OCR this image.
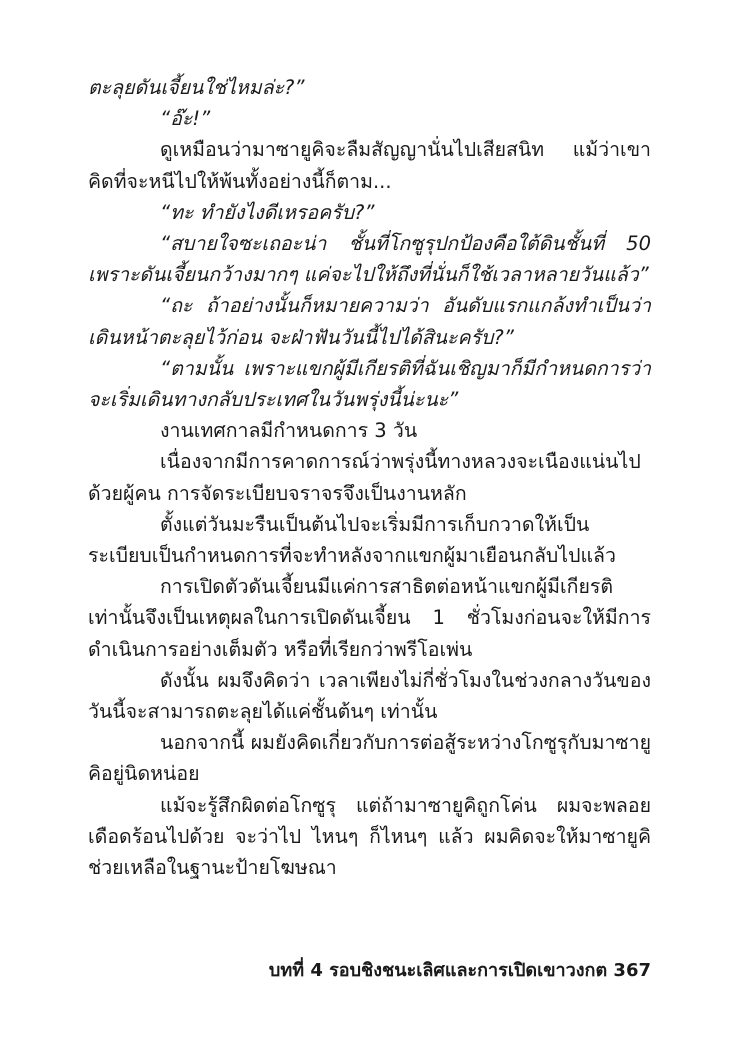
ตะลุยดันเจี้ยนใช่ไหมล่ะ?”

“อ๊ะ!”

ดูเหมือนว่ามาซายูคิจะลืมสัญญานั่นไปเสียสนิท แม้ว่าเขาคิดที่จะหนีไปให้พ้นทั้งอย่างนี้ก็ตาม...

“ทะ ทำยังไงดีเหรอครับ?”

“สบายใจซะเถอะน่า ชั้นที่โกซูรุปกป้องคือใต้ดินชั้นที่ 50 เพราะดันเจี้ยนกว้างมากๆ แค่จะไปให้ถึงที่นั่นก็ใช้เวลาหลายวันแล้ว”

“ถะ ถ้าอย่างนั้นก็หมายความว่า อันดับแรกแกล้งทำเป็นว่าเดินหน้าตะลุยไว้ก่อน จะฝ่าฟันวันนี้ไปได้สินะครับ?”

“ตามนั้น เพราะแขกผู้มีเกียรติที่ฉันเชิญมาก็มีกำหนดการว่าจะเริ่มเดินทางกลับประเทศในวันพรุ่งนี้น่ะนะ”

งานเทศกาลมีกำหนดการ 3 วัน

เนื่องจากมีการคาดการณ์ว่าพรุ่งนี้ทางหลวงจะเนืองแน่นไปด้วยผู้คน การจัดระเบียบจราจรจึงเป็นงานหลัก

ตั้งแต่วันมะรืนเป็นต้นไปจะเริ่มมีการเก็บกวาดให้เป็นระเบียบเป็นกำหนดการที่จะทำหลังจากแขกผู้มาเยือนกลับไปแล้ว

การเปิดตัวดันเจี้ยนมีแค่การสาธิตต่อหน้าแขกผู้มีเกียรติเท่านั้นจึงเป็นเหตุผลในการเปิดดันเจี้ยน 1 ชั่วโมงก่อนจะให้มีการดำเนินการอย่างเต็มตัว หรือที่เรียกว่าพรีโอเพ่น

ดังนั้น ผมจึงคิดว่า เวลาเพียงไม่กี่ชั่วโมงในช่วงกลางวันของวันนี้จะสามารถตะลุยได้แค่ชั้นต้นๆ เท่านั้น

นอกจากนี้ ผมยังคิดเกี่ยวกับการต่อสู้ระหว่างโกซูรุกับมาซายูคิอยู่นิดหน่อย

แม้จะรู้สึกผิดต่อโกซูรุ แต่ถ้ามาซายูคิถูกโค่น ผมจะพลอยเดือดร้อนไปด้วย จะว่าไป ไหนๆ ก็ไหนๆ แล้ว ผมคิดจะให้มาซายูคิช่วยเหลือในฐานะป้ายโฆษณา

บทที่ 4 รอบชิงชนะเลิศและการเปิดเขาวงกต 367
